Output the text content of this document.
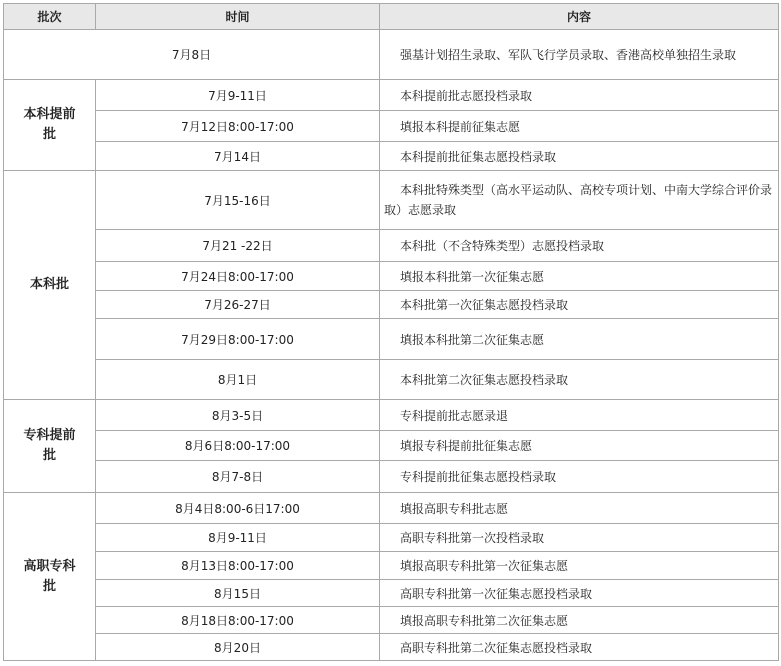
批次	时间	内容
7月8日		强基计划招生录取、军队飞行学员录取、香港高校单独招生录取
本科提前批	7月9-11日	本科提前批志愿投档录取
	7月12日8:00-17:00	填报本科提前征集志愿
	7月14日	本科提前批征集志愿投档录取
本科批	7月15-16日	本科批特殊类型（高水平运动队、高校专项计划、中南大学综合评价录取）志愿录取
	7月21 -22日	本科批（不含特殊类型）志愿投档录取
	7月24日8:00-17:00	填报本科批第一次征集志愿
	7月26-27日	本科批第一次征集志愿投档录取
	7月29日8:00-17:00	填报本科批第二次征集志愿
	8月1日	本科批第二次征集志愿投档录取
专科提前批	8月3-5日	专科提前批志愿录退
	8月6日8:00-17:00	填报专科提前批征集志愿
	8月7-8日	专科提前批征集志愿投档录取
高职专科批	8月4日8:00-6日17:00	填报高职专科批志愿
	8月9-11日	高职专科批第一次投档录取
	8月13日8:00-17:00	填报高职专科批第一次征集志愿
	8月15日	高职专科批第一次征集志愿投档录取
	8月18日8:00-17:00	填报高职专科批第二次征集志愿
	8月20日	高职专科批第二次征集志愿投档录取
